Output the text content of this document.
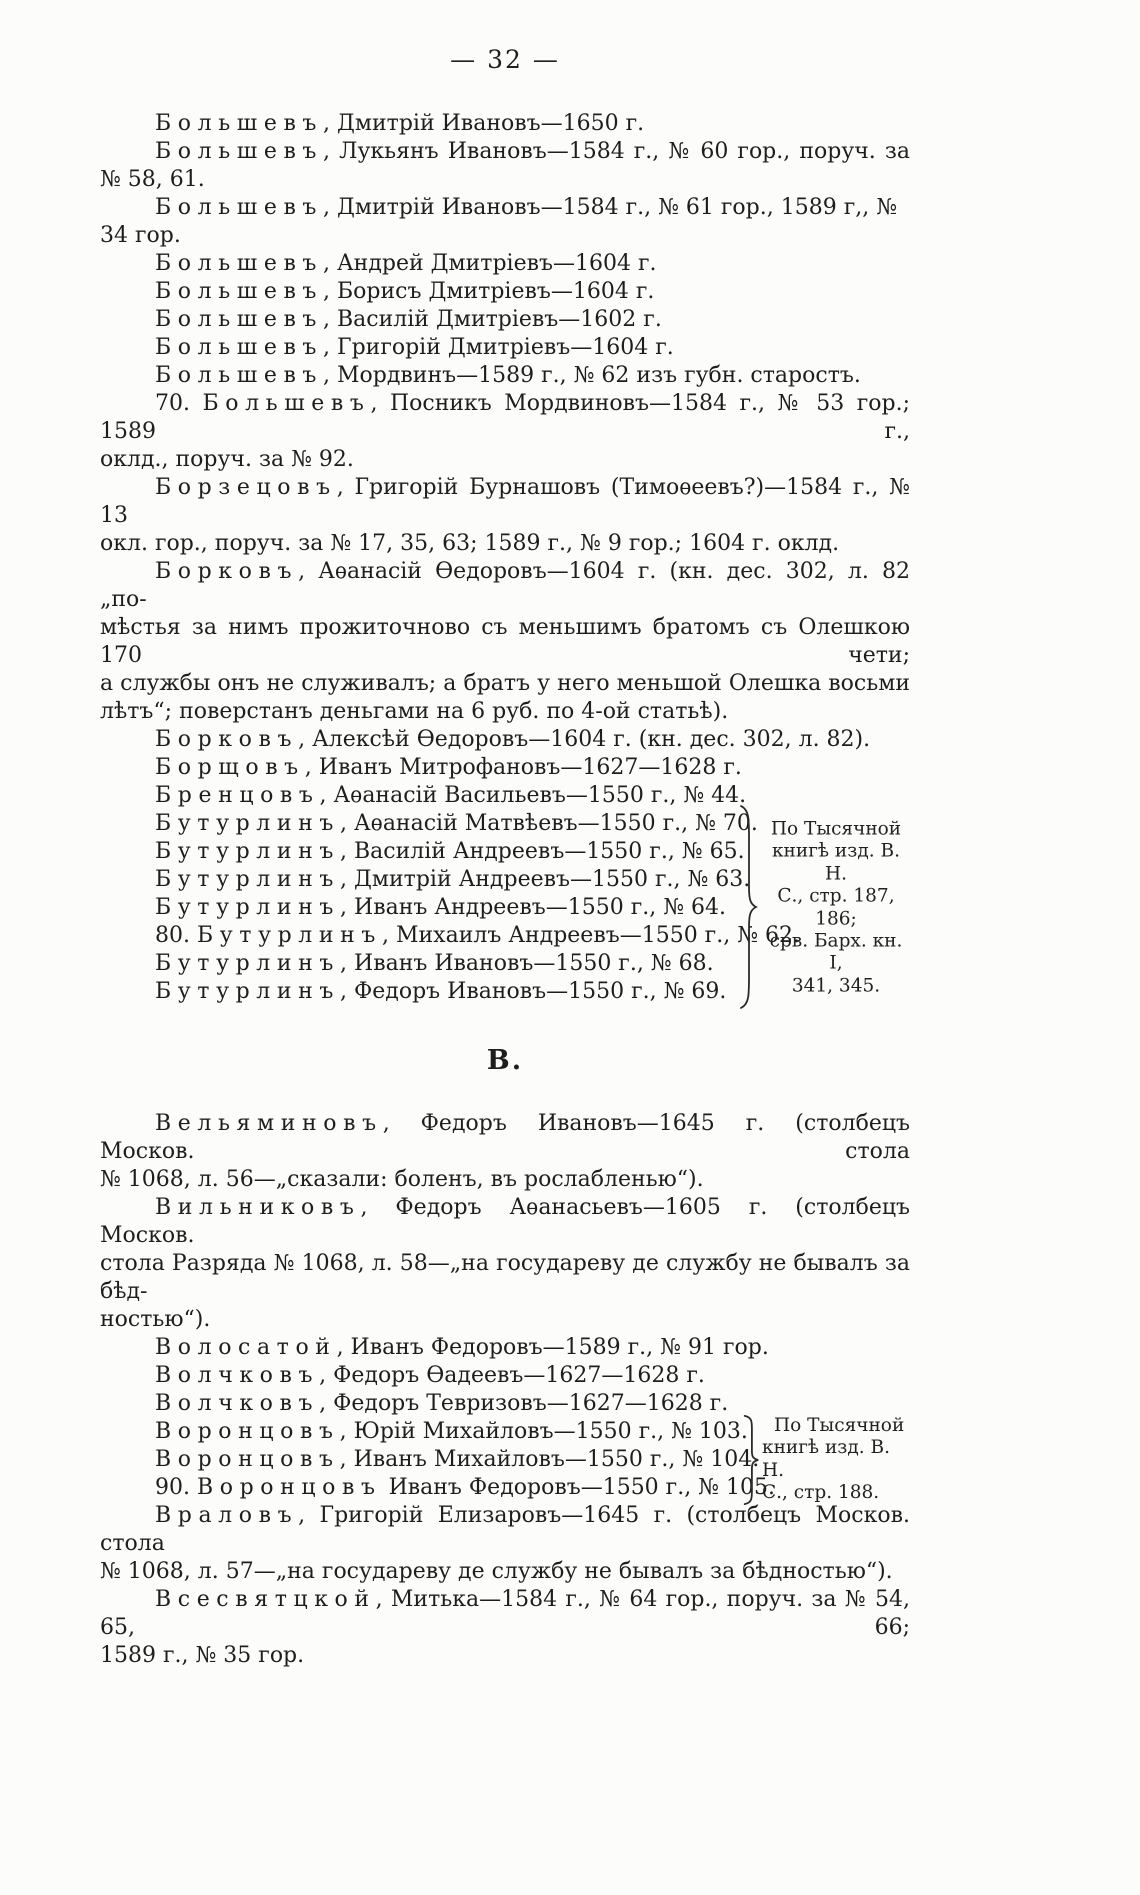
— 32 —
Большевъ, Дмитрій Ивановъ—1650 г.
Большевъ, Лукьянъ Ивановъ—1584 г., № 60 гор., поруч. за
№ 58, 61.
Большевъ, Дмитрій Ивановъ—1584 г., № 61 гор., 1589 г,, № 34 гор.
Большевъ, Андрей Дмитріевъ—1604 г.
Большевъ, Борисъ Дмитріевъ—1604 г.
Большевъ, Василій Дмитріевъ—1602 г.
Большевъ, Григорій Дмитріевъ—1604 г.
Большевъ, Мордвинъ—1589 г., № 62 изъ губн. старостъ.
70. Большевъ, Посникъ Мордвиновъ—1584 г., № 53 гор.; 1589 г.,
оклд., поруч. за № 92.
Борзецовъ, Григорій Бурнашовъ (Тимоѳеевъ?)—1584 г., № 13
окл. гор., поруч. за № 17, 35, 63; 1589 г., № 9 гор.; 1604 г. оклд.
Борковъ, Аѳанасій Ѳедоровъ—1604 г. (кн. дес. 302, л. 82 „по-
мѣстья за нимъ прожиточново съ меньшимъ братомъ съ Олешкою 170 чети;
а службы онъ не служивалъ; а братъ у него меньшой Олешка восьми
лѣтъ“; поверстанъ деньгами на 6 руб. по 4-ой статьѣ).
Борковъ, Алексѣй Ѳедоровъ—1604 г. (кн. дес. 302, л. 82).
Борщовъ, Иванъ Митрофановъ—1627—1628 г.
Бренцовъ, Аѳанасій Васильевъ—1550 г., № 44.
Бутурлинъ, Аѳанасій Матвѣевъ—1550 г., № 70.
Бутурлинъ, Василій Андреевъ—1550 г., № 65.
Бутурлинъ, Дмитрій Андреевъ—1550 г., № 63.
Бутурлинъ, Иванъ Андреевъ—1550 г., № 64.
80. Бутурлинъ, Михаилъ Андреевъ—1550 г., № 62.
Бутурлинъ, Иванъ Ивановъ—1550 г., № 68.
Бутурлинъ, Федоръ Ивановъ—1550 г., № 69.
По Тысячной
книгѣ изд. В. Н.
С., стр. 187, 186;
срв. Барх. кн. I,
341, 345.
В.
Вельяминовъ, Федоръ Ивановъ—1645 г. (столбецъ Москов. стола
№ 1068, л. 56—„сказали: боленъ, въ рослабленью“).
Вильниковъ, Федоръ Аѳанасьевъ—1605 г. (столбецъ Москов.
стола Разряда № 1068, л. 58—„на государеву де службу не бывалъ за бѣд-
ностью“).
Волосатой, Иванъ Федоровъ—1589 г., № 91 гор.
Волчковъ, Федоръ Ѳадеевъ—1627—1628 г.
Волчковъ, Федоръ Тевризовъ—1627—1628 г.
Воронцовъ, Юрій Михайловъ—1550 г., № 103.
Воронцовъ, Иванъ Михайловъ—1550 г., № 104.
90. Воронцовъ Иванъ Федоровъ—1550 г., № 105.
По Тысячной
книгѣ изд. В. Н.
С., стр. 188.
Враловъ, Григорій Елизаровъ—1645 г. (столбецъ Москов. стола
№ 1068, л. 57—„на государеву де службу не бывалъ за бѣдностью“).
Всесвятцкой, Митька—1584 г., № 64 гор., поруч. за № 54, 65, 66;
1589 г., № 35 гор.
